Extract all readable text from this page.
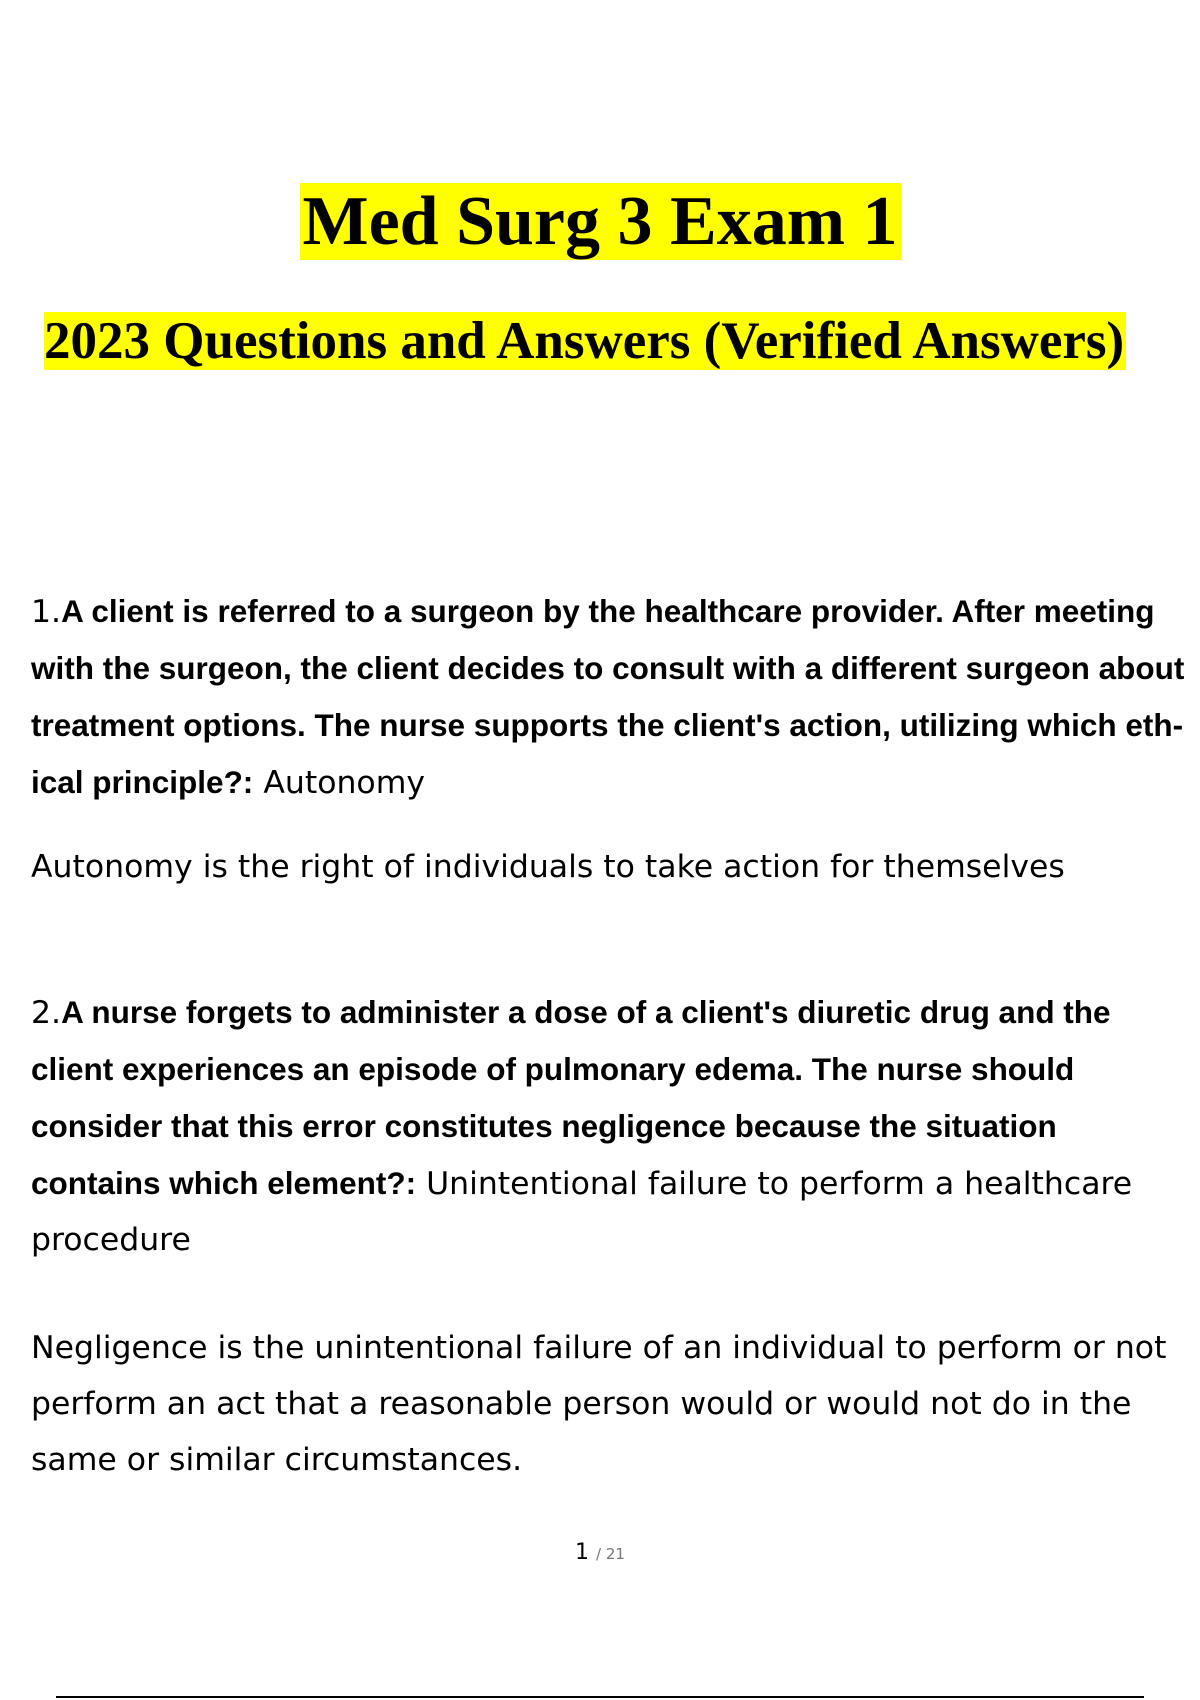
Med Surg 3 Exam 1
2023 Questions and Answers (Verified Answers)

1.A client is referred to a surgeon by the healthcare provider. After meeting with the surgeon, the client decides to consult with a different surgeon about treatment options. The nurse supports the client's action, utilizing which eth- ical principle?: Autonomy

Autonomy is the right of individuals to take action for themselves

2.A nurse forgets to administer a dose of a client's diuretic drug and the client experiences an episode of pulmonary edema. The nurse should consider that this error constitutes negligence because the situation contains which element?: Unintentional failure to perform a healthcare procedure

Negligence is the unintentional failure of an individual to perform or not perform an act that a reasonable person would or would not do in the same or similar circumstances.

1 / 21
